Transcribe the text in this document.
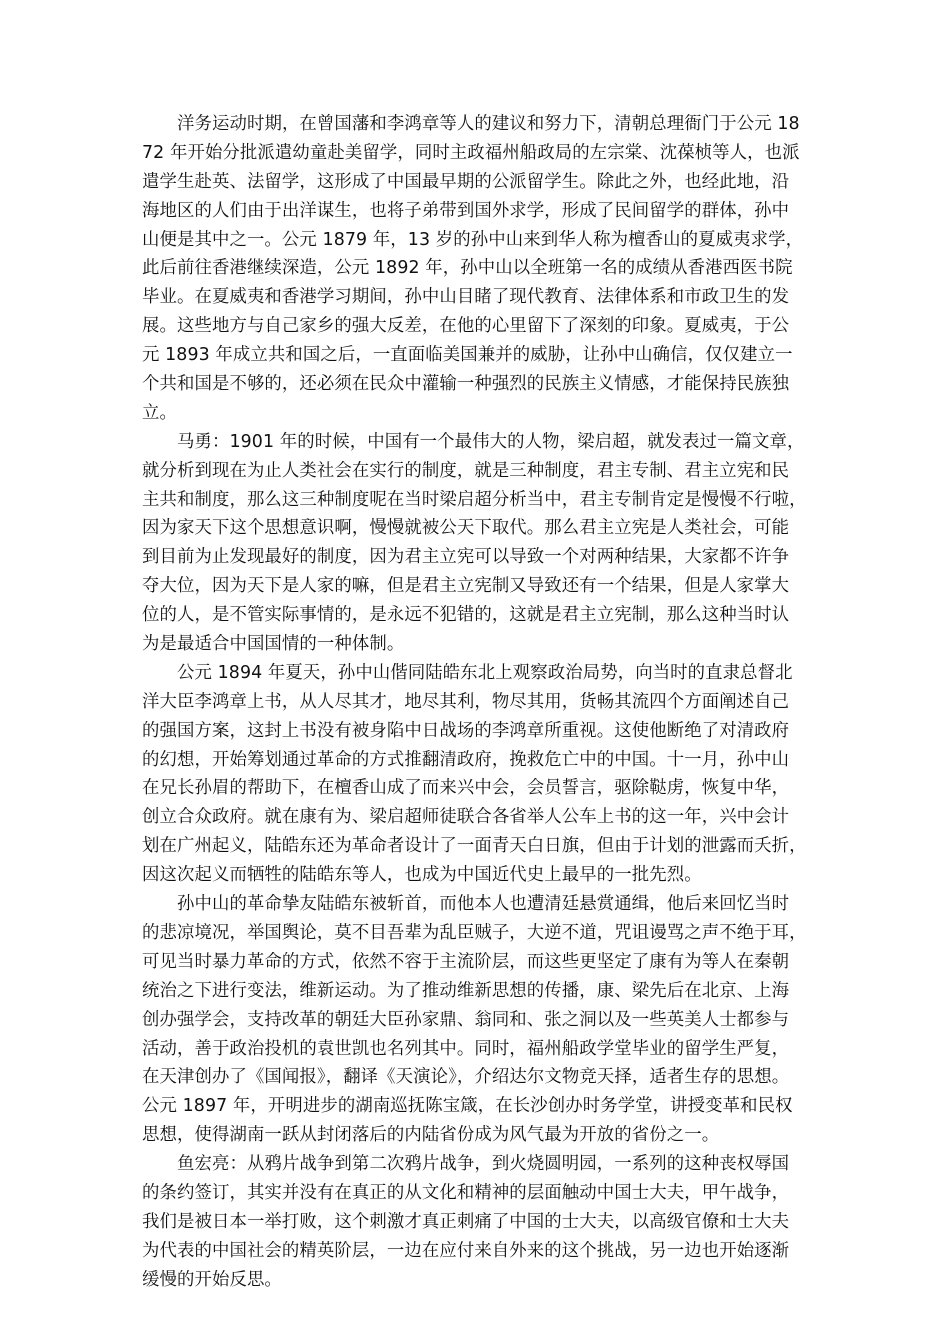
洋务运动时期，在曾国藩和李鸿章等人的建议和努力下，清朝总理衙门于公元 18
72 年开始分批派遣幼童赴美留学，同时主政福州船政局的左宗棠、沈葆桢等人，也派
遣学生赴英、法留学，这形成了中国最早期的公派留学生。除此之外，也经此地，沿
海地区的人们由于出洋谋生，也将子弟带到国外求学，形成了民间留学的群体，孙中
山便是其中之一。公元 1879 年，13 岁的孙中山来到华人称为檀香山的夏威夷求学，
此后前往香港继续深造，公元 1892 年，孙中山以全班第一名的成绩从香港西医书院
毕业。在夏威夷和香港学习期间，孙中山目睹了现代教育、法律体系和市政卫生的发
展。这些地方与自己家乡的强大反差，在他的心里留下了深刻的印象。夏威夷，于公
元 1893 年成立共和国之后，一直面临美国兼并的威胁，让孙中山确信，仅仅建立一
个共和国是不够的，还必须在民众中灌输一种强烈的民族主义情感，才能保持民族独
立。
马勇：1901 年的时候，中国有一个最伟大的人物，梁启超，就发表过一篇文章，
就分析到现在为止人类社会在实行的制度，就是三种制度，君主专制、君主立宪和民
主共和制度，那么这三种制度呢在当时梁启超分析当中，君主专制肯定是慢慢不行啦，
因为家天下这个思想意识啊，慢慢就被公天下取代。那么君主立宪是人类社会，可能
到目前为止发现最好的制度，因为君主立宪可以导致一个对两种结果，大家都不许争
夺大位，因为天下是人家的嘛，但是君主立宪制又导致还有一个结果，但是人家掌大
位的人，是不管实际事情的，是永远不犯错的，这就是君主立宪制，那么这种当时认
为是最适合中国国情的一种体制。
公元 1894 年夏天，孙中山偕同陆皓东北上观察政治局势，向当时的直隶总督北
洋大臣李鸿章上书，从人尽其才，地尽其利，物尽其用，货畅其流四个方面阐述自己
的强国方案，这封上书没有被身陷中日战场的李鸿章所重视。这使他断绝了对清政府
的幻想，开始筹划通过革命的方式推翻清政府，挽救危亡中的中国。十一月，孙中山
在兄长孙眉的帮助下，在檀香山成了而来兴中会，会员誓言，驱除鞑虏，恢复中华，
创立合众政府。就在康有为、梁启超师徒联合各省举人公车上书的这一年，兴中会计
划在广州起义，陆皓东还为革命者设计了一面青天白日旗，但由于计划的泄露而夭折，
因这次起义而牺牲的陆皓东等人，也成为中国近代史上最早的一批先烈。
孙中山的革命挚友陆皓东被斩首，而他本人也遭清廷悬赏通缉，他后来回忆当时
的悲凉境况，举国舆论，莫不目吾辈为乱臣贼子，大逆不道，咒诅谩骂之声不绝于耳，
可见当时暴力革命的方式，依然不容于主流阶层，而这些更坚定了康有为等人在秦朝
统治之下进行变法，维新运动。为了推动维新思想的传播，康、梁先后在北京、上海
创办强学会，支持改革的朝廷大臣孙家鼎、翁同和、张之洞以及一些英美人士都参与
活动，善于政治投机的袁世凯也名列其中。同时，福州船政学堂毕业的留学生严复，
在天津创办了《国闻报》，翻译《天演论》，介绍达尔文物竞天择，适者生存的思想。
公元 1897 年，开明进步的湖南巡抚陈宝箴，在长沙创办时务学堂，讲授变革和民权
思想，使得湖南一跃从封闭落后的内陆省份成为风气最为开放的省份之一。
鱼宏亮：从鸦片战争到第二次鸦片战争，到火烧圆明园，一系列的这种丧权辱国
的条约签订，其实并没有在真正的从文化和精神的层面触动中国士大夫，甲午战争，
我们是被日本一举打败，这个刺激才真正刺痛了中国的士大夫，以高级官僚和士大夫
为代表的中国社会的精英阶层，一边在应付来自外来的这个挑战，另一边也开始逐渐
缓慢的开始反思。
